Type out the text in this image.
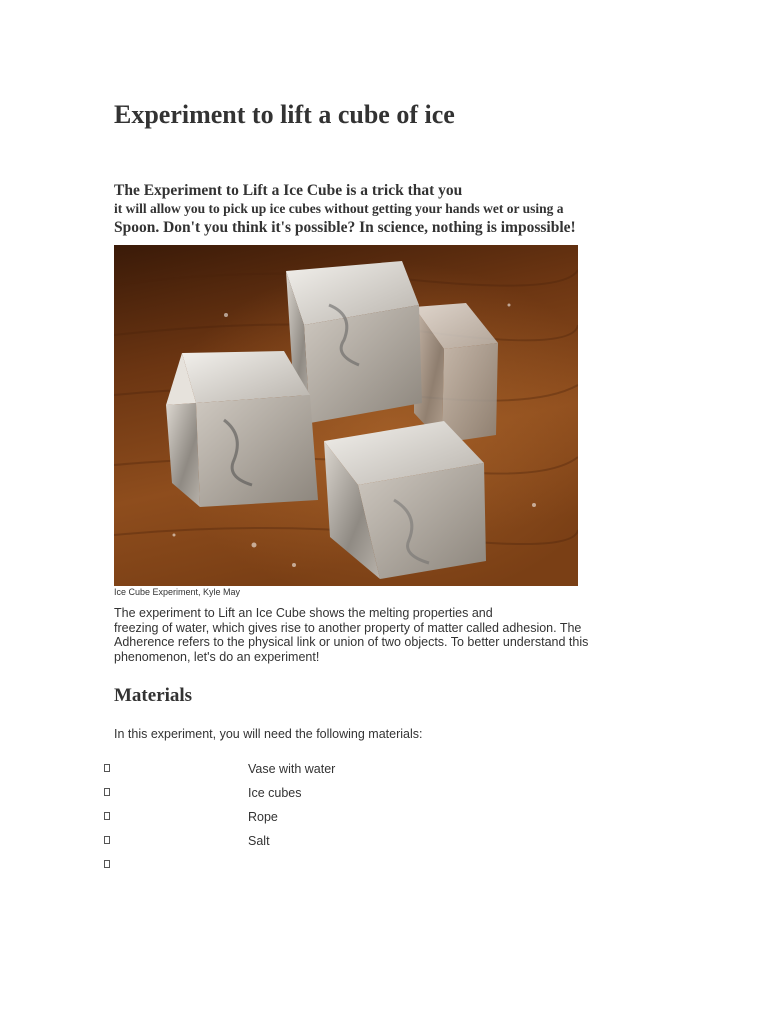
Experiment to lift a cube of ice

The Experiment to Lift a Ice Cube is a trick that you
it will allow you to pick up ice cubes without getting your hands wet or using a
Spoon. Don't you think it's possible? In science, nothing is impossible!

Ice Cube Experiment, Kyle May

The experiment to Lift an Ice Cube shows the melting properties and
freezing of water, which gives rise to another property of matter called adhesion. The
Adherence refers to the physical link or union of two objects. To better understand this
phenomenon, let's do an experiment!

Materials

In this experiment, you will need the following materials:

Vase with water
Ice cubes
Rope
Salt
